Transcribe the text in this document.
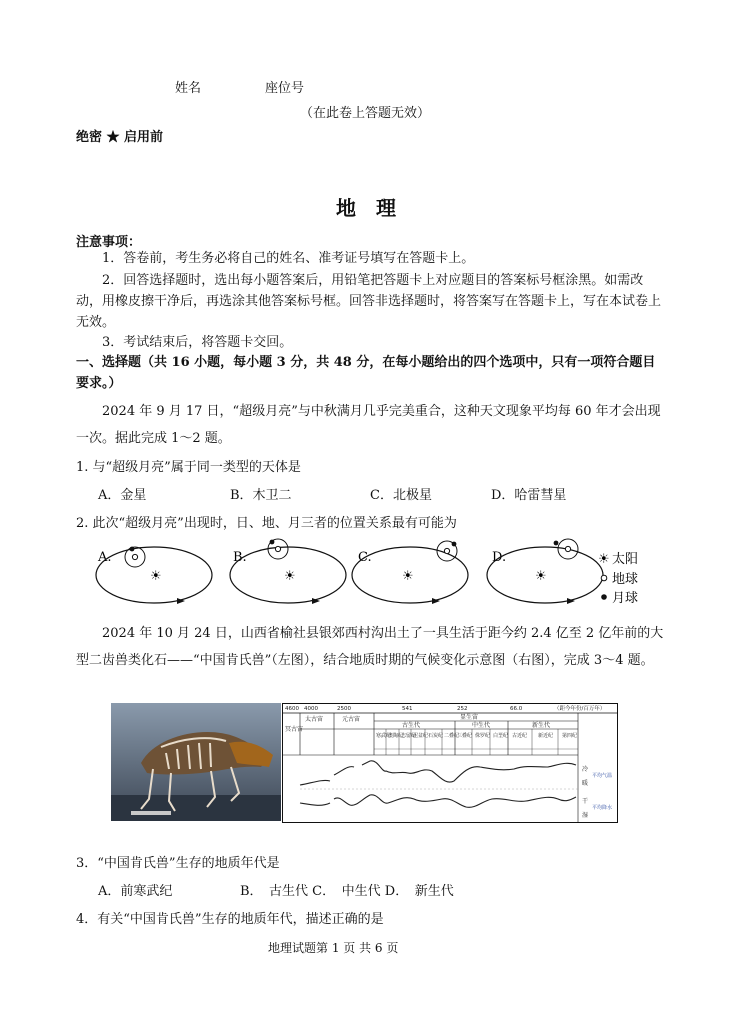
姓名	座位号
（在此卷上答题无效）
绝密 ★ 启用前
地　理
注意事项：
1．答卷前，考生务必将自己的姓名、准考证号填写在答题卡上。
2．回答选择题时，选出每小题答案后，用铅笔把答题卡上对应题目的答案标号框涂黑。如需改动，用橡皮擦干净后，再选涂其他答案标号框。回答非选择题时，将答案写在答题卡上，写在本试卷上无效。
3．考试结束后，将答题卡交回。
一、选择题（共 16 小题，每小题 3 分，共 48 分，在每小题给出的四个选项中，只有一项符合题目要求。）
2024 年 9 月 17 日，“超级月亮”与中秋满月几乎完美重合，这种天文现象平均每 60 年才会出现一次。据此完成 1～2 题。
1. 与“超级月亮”属于同一类型的天体是
A．金星	B．木卫二	C．北极星	D．哈雷彗星
2. 此次“超级月亮”出现时，日、地、月三者的位置关系最有可能为
A.
☀
B.
☀
C.
☀
D.
☀
☀ 太阳
地球
月球
2024 年 10 月 24 日，山西省榆社县银郊西村沟出土了一具生活于距今约 2.4 亿至 2 亿年前的大型二齿兽类化石——“中国肯氏兽”（左图），结合地质时期的气候变化示意图（右图），完成 3～4 题。
4600 4000	2500	541	252	66.0	（距今年份/百万年）
冥古宙
太古宙	元古宙	显生宙
古生代	中生代	新生代
寒武纪
奥陶纪
志留纪
泥盆纪 石炭纪 二叠纪
三叠纪 侏罗纪 白垩纪 古近纪 新近纪 第四纪
冷
暖
干
湿
平均气温
平均降水
3．“中国肯氏兽”生存的地质年代是
A．前寒武纪	B．　古生代 C．　中生代 D．　新生代
4．有关“中国肯氏兽”生存的地质年代，描述正确的是
地理试题第 1 页 共 6 页
